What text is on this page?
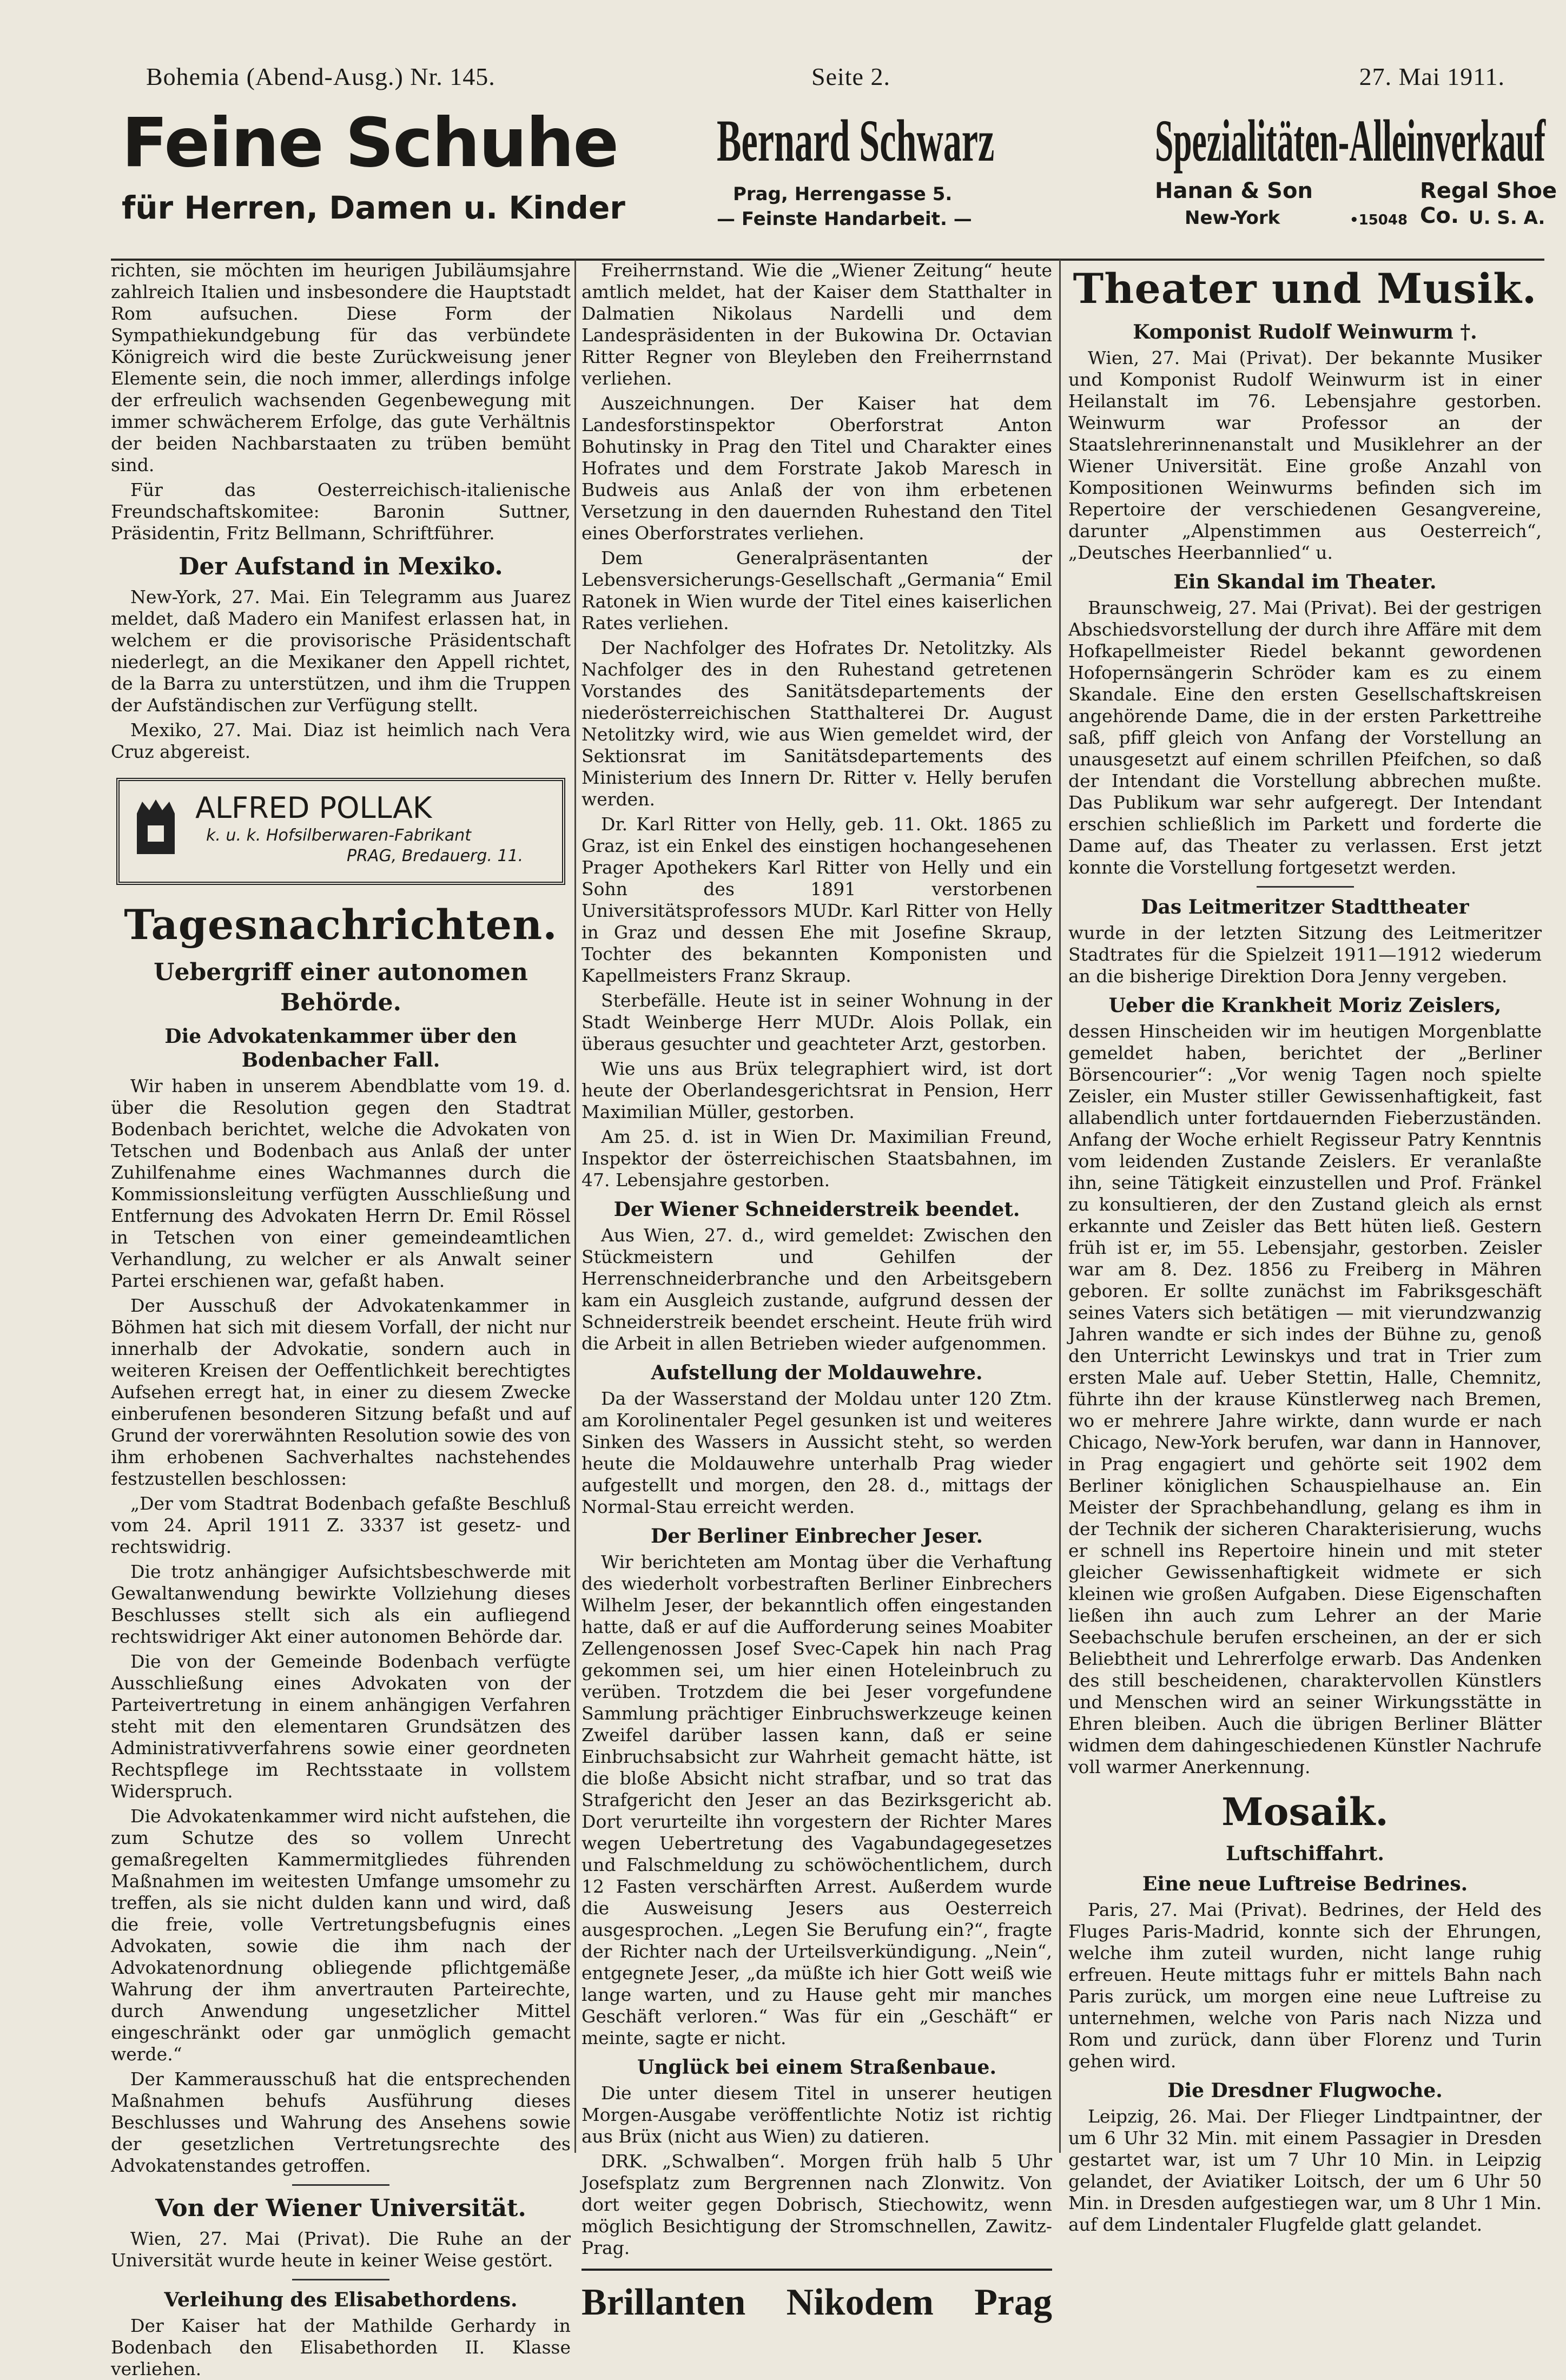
Bohemia (Abend-Ausg.) Nr. 145.	Seite 2.	27. Mai 1911.
Feine Schuhe
für Herren, Damen u. Kinder
Bernard Schwarz
Prag, Herrengasse 5.
— Feinste Handarbeit. —
Spezialitäten-Alleinverkauf
Hanan & Son
New-York	•15048
Regal Shoe Co. U. S. A.

richten, sie möchten im heurigen Jubiläumsjahre zahlreich Italien und insbesondere die Hauptstadt Rom aufsuchen. Diese Form der Sympathiekundgebung für das verbündete Königreich wird die beste Zurückweisung jener Elemente sein, die noch immer, allerdings infolge der erfreulich wachsenden Gegenbewegung mit immer schwächerem Erfolge, das gute Verhältnis der beiden Nachbarstaaten zu trüben bemüht sind.

Für das Oesterreichisch-italienische Freundschaftskomitee: Baronin Suttner, Präsidentin, Fritz Bellmann, Schriftführer.

Der Aufstand in Mexiko.

New-York, 27. Mai. Ein Telegramm aus Juarez meldet, daß Madero ein Manifest erlassen hat, in welchem er die provisorische Präsidentschaft niederlegt, an die Mexikaner den Appell richtet, de la Barra zu unterstützen, und ihm die Truppen der Aufständischen zur Verfügung stellt.

Mexiko, 27. Mai. Diaz ist heimlich nach Vera Cruz abgereist.

ALFRED POLLAK
k. u. k. Hofsilberwaren-Fabrikant
PRAG, Bredauerg. 11.
Tagesnachrichten.
Uebergriff einer autonomen Behörde.
Die Advokatenkammer über den Bodenbacher Fall.

Wir haben in unserem Abendblatte vom 19. d. über die Resolution gegen den Stadtrat Bodenbach berichtet, welche die Advokaten von Tetschen und Bodenbach aus Anlaß der unter Zuhilfenahme eines Wachmannes durch die Kommissionsleitung verfügten Ausschließung und Entfernung des Advokaten Herrn Dr. Emil Rössel in Tetschen von einer gemeindeamtlichen Verhandlung, zu welcher er als Anwalt seiner Partei erschienen war, gefaßt haben.

Der Ausschuß der Advokatenkammer in Böhmen hat sich mit diesem Vorfall, der nicht nur innerhalb der Advokatie, sondern auch in weiteren Kreisen der Oeffentlichkeit berechtigtes Aufsehen erregt hat, in einer zu diesem Zwecke einberufenen besonderen Sitzung befaßt und auf Grund der vorerwähnten Resolution sowie des von ihm erhobenen Sachverhaltes nachstehendes festzustellen beschlossen:

„Der vom Stadtrat Bodenbach gefaßte Beschluß vom 24. April 1911 Z. 3337 ist gesetz- und rechtswidrig.

Die trotz anhängiger Aufsichtsbeschwerde mit Gewaltanwendung bewirkte Vollziehung dieses Beschlusses stellt sich als ein aufliegend rechtswidriger Akt einer autonomen Behörde dar.

Die von der Gemeinde Bodenbach verfügte Ausschließung eines Advokaten von der Parteivertretung in einem anhängigen Verfahren steht mit den elementaren Grundsätzen des Administrativverfahrens sowie einer geordneten Rechtspflege im Rechtsstaate in vollstem Widerspruch.

Die Advokatenkammer wird nicht aufstehen, die zum Schutze des so vollem Unrecht gemaßregelten Kammermitgliedes führenden Maßnahmen im weitesten Umfange umsomehr zu treffen, als sie nicht dulden kann und wird, daß die freie, volle Vertretungsbefugnis eines Advokaten, sowie die ihm nach der Advokatenordnung obliegende pflichtgemäße Wahrung der ihm anvertrauten Parteirechte, durch Anwendung ungesetzlicher Mittel eingeschränkt oder gar unmöglich gemacht werde.“

Der Kammerausschuß hat die entsprechenden Maßnahmen behufs Ausführung dieses Beschlusses und Wahrung des Ansehens sowie der gesetzlichen Vertretungsrechte des Advokatenstandes getroffen.

Von der Wiener Universität.

Wien, 27. Mai (Privat). Die Ruhe an der Universität wurde heute in keiner Weise gestört.

Verleihung des Elisabethordens.

Der Kaiser hat der Mathilde Gerhardy in Bodenbach den Elisabethorden II. Klasse verliehen.

Freiherrnstand. Wie die „Wiener Zeitung“ heute amtlich meldet, hat der Kaiser dem Statthalter in Dalmatien Nikolaus Nardelli und dem Landespräsidenten in der Bukowina Dr. Octavian Ritter Regner von Bleyleben den Freiherrnstand verliehen.

Auszeichnungen. Der Kaiser hat dem Landesforstinspektor Oberforstrat Anton Bohutinsky in Prag den Titel und Charakter eines Hofrates und dem Forstrate Jakob Maresch in Budweis aus Anlaß der von ihm erbetenen Versetzung in den dauernden Ruhestand den Titel eines Oberforstrates verliehen.

Dem Generalpräsentanten der Lebensversicherungs-Gesellschaft „Germania“ Emil Ratonek in Wien wurde der Titel eines kaiserlichen Rates verliehen.

Der Nachfolger des Hofrates Dr. Netolitzky. Als Nachfolger des in den Ruhestand getretenen Vorstandes des Sanitätsdepartements der niederösterreichischen Statthalterei Dr. August Netolitzky wird, wie aus Wien gemeldet wird, der Sektionsrat im Sanitätsdepartements des Ministerium des Innern Dr. Ritter v. Helly berufen werden.

Dr. Karl Ritter von Helly, geb. 11. Okt. 1865 zu Graz, ist ein Enkel des einstigen hochangesehenen Prager Apothekers Karl Ritter von Helly und ein Sohn des 1891 verstorbenen Universitätsprofessors MUDr. Karl Ritter von Helly in Graz und dessen Ehe mit Josefine Skraup, Tochter des bekannten Komponisten und Kapellmeisters Franz Skraup.

Sterbefälle. Heute ist in seiner Wohnung in der Stadt Weinberge Herr MUDr. Alois Pollak, ein überaus gesuchter und geachteter Arzt, gestorben.

Wie uns aus Brüx telegraphiert wird, ist dort heute der Oberlandesgerichtsrat in Pension, Herr Maximilian Müller, gestorben.

Am 25. d. ist in Wien Dr. Maximilian Freund, Inspektor der österreichischen Staatsbahnen, im 47. Lebensjahre gestorben.

Der Wiener Schneiderstreik beendet.

Aus Wien, 27. d., wird gemeldet: Zwischen den Stückmeistern und Gehilfen der Herrenschneiderbranche und den Arbeitsgebern kam ein Ausgleich zustande, aufgrund dessen der Schneiderstreik beendet erscheint. Heute früh wird die Arbeit in allen Betrieben wieder aufgenommen.

Aufstellung der Moldauwehre.

Da der Wasserstand der Moldau unter 120 Ztm. am Korolinentaler Pegel gesunken ist und weiteres Sinken des Wassers in Aussicht steht, so werden heute die Moldauwehre unterhalb Prag wieder aufgestellt und morgen, den 28. d., mittags der Normal-Stau erreicht werden.

Der Berliner Einbrecher Jeser.

Wir berichteten am Montag über die Verhaftung des wiederholt vorbestraften Berliner Einbrechers Wilhelm Jeser, der bekanntlich offen eingestanden hatte, daß er auf die Aufforderung seines Moabiter Zellengenossen Josef Svec-Capek hin nach Prag gekommen sei, um hier einen Hoteleinbruch zu verüben. Trotzdem die bei Jeser vorgefundene Sammlung prächtiger Einbruchswerkzeuge keinen Zweifel darüber lassen kann, daß er seine Einbruchsabsicht zur Wahrheit gemacht hätte, ist die bloße Absicht nicht strafbar, und so trat das Strafgericht den Jeser an das Bezirksgericht ab. Dort verurteilte ihn vorgestern der Richter Mares wegen Uebertretung des Vagabundagegesetzes und Falschmeldung zu schöwöchentlichem, durch 12 Fasten verschärften Arrest. Außerdem wurde die Ausweisung Jesers aus Oesterreich ausgesprochen. „Legen Sie Berufung ein?“, fragte der Richter nach der Urteilsverkündigung. „Nein“, entgegnete Jeser, „da müßte ich hier Gott weiß wie lange warten, und zu Hause geht mir manches Geschäft verloren.“ Was für ein „Geschäft“ er meinte, sagte er nicht.

Unglück bei einem Straßenbaue.

Die unter diesem Titel in unserer heutigen Morgen-Ausgabe veröffentlichte Notiz ist richtig aus Brüx (nicht aus Wien) zu datieren.

DRK. „Schwalben“. Morgen früh halb 5 Uhr Josefsplatz zum Bergrennen nach Zlonwitz. Von dort weiter gegen Dobrisch, Stiechowitz, wenn möglich Besichtigung der Stromschnellen, Zawitz-Prag.

Brillanten Nikodem Prag
Theater und Musik.
Komponist Rudolf Weinwurm †.

Wien, 27. Mai (Privat). Der bekannte Musiker und Komponist Rudolf Weinwurm ist in einer Heilanstalt im 76. Lebensjahre gestorben. Weinwurm war Professor an der Staatslehrerinnenanstalt und Musiklehrer an der Wiener Universität. Eine große Anzahl von Kompositionen Weinwurms befinden sich im Repertoire der verschiedenen Gesangvereine, darunter „Alpenstimmen aus Oesterreich“, „Deutsches Heerbannlied“ u.

Ein Skandal im Theater.

Braunschweig, 27. Mai (Privat). Bei der gestrigen Abschiedsvorstellung der durch ihre Affäre mit dem Hofkapellmeister Riedel bekannt gewordenen Hofopernsängerin Schröder kam es zu einem Skandale. Eine den ersten Gesellschaftskreisen angehörende Dame, die in der ersten Parkettreihe saß, pfiff gleich von Anfang der Vorstellung an unausgesetzt auf einem schrillen Pfeifchen, so daß der Intendant die Vorstellung abbrechen mußte. Das Publikum war sehr aufgeregt. Der Intendant erschien schließlich im Parkett und forderte die Dame auf, das Theater zu verlassen. Erst jetzt konnte die Vorstellung fortgesetzt werden.

Das Leitmeritzer Stadttheater

wurde in der letzten Sitzung des Leitmeritzer Stadtrates für die Spielzeit 1911—1912 wiederum an die bisherige Direktion Dora Jenny vergeben.

Ueber die Krankheit Moriz Zeislers,

dessen Hinscheiden wir im heutigen Morgenblatte gemeldet haben, berichtet der „Berliner Börsencourier“: „Vor wenig Tagen noch spielte Zeisler, ein Muster stiller Gewissenhaftigkeit, fast allabendlich unter fortdauernden Fieberzuständen. Anfang der Woche erhielt Regisseur Patry Kenntnis vom leidenden Zustande Zeislers. Er veranlaßte ihn, seine Tätigkeit einzustellen und Prof. Fränkel zu konsultieren, der den Zustand gleich als ernst erkannte und Zeisler das Bett hüten ließ. Gestern früh ist er, im 55. Lebensjahr, gestorben. Zeisler war am 8. Dez. 1856 zu Freiberg in Mähren geboren. Er sollte zunächst im Fabriksgeschäft seines Vaters sich betätigen — mit vierundzwanzig Jahren wandte er sich indes der Bühne zu, genoß den Unterricht Lewinskys und trat in Trier zum ersten Male auf. Ueber Stettin, Halle, Chemnitz, führte ihn der krause Künstlerweg nach Bremen, wo er mehrere Jahre wirkte, dann wurde er nach Chicago, New-York berufen, war dann in Hannover, in Prag engagiert und gehörte seit 1902 dem Berliner königlichen Schauspielhause an. Ein Meister der Sprachbehandlung, gelang es ihm in der Technik der sicheren Charakterisierung, wuchs er schnell ins Repertoire hinein und mit steter gleicher Gewissenhaftigkeit widmete er sich kleinen wie großen Aufgaben. Diese Eigenschaften ließen ihn auch zum Lehrer an der Marie Seebachschule berufen erscheinen, an der er sich Beliebtheit und Lehrerfolge erwarb. Das Andenken des still bescheidenen, charaktervollen Künstlers und Menschen wird an seiner Wirkungsstätte in Ehren bleiben. Auch die übrigen Berliner Blätter widmen dem dahingeschiedenen Künstler Nachrufe voll warmer Anerkennung.

Mosaik.
Luftschiffahrt.
Eine neue Luftreise Bedrines.

Paris, 27. Mai (Privat). Bedrines, der Held des Fluges Paris-Madrid, konnte sich der Ehrungen, welche ihm zuteil wurden, nicht lange ruhig erfreuen. Heute mittags fuhr er mittels Bahn nach Paris zurück, um morgen eine neue Luftreise zu unternehmen, welche von Paris nach Nizza und Rom und zurück, dann über Florenz und Turin gehen wird.

Die Dresdner Flugwoche.

Leipzig, 26. Mai. Der Flieger Lindtpaintner, der um 6 Uhr 32 Min. mit einem Passagier in Dresden gestartet war, ist um 7 Uhr 10 Min. in Leipzig gelandet, der Aviatiker Loitsch, der um 6 Uhr 50 Min. in Dresden aufgestiegen war, um 8 Uhr 1 Min. auf dem Lindentaler Flugfelde glatt gelandet.
